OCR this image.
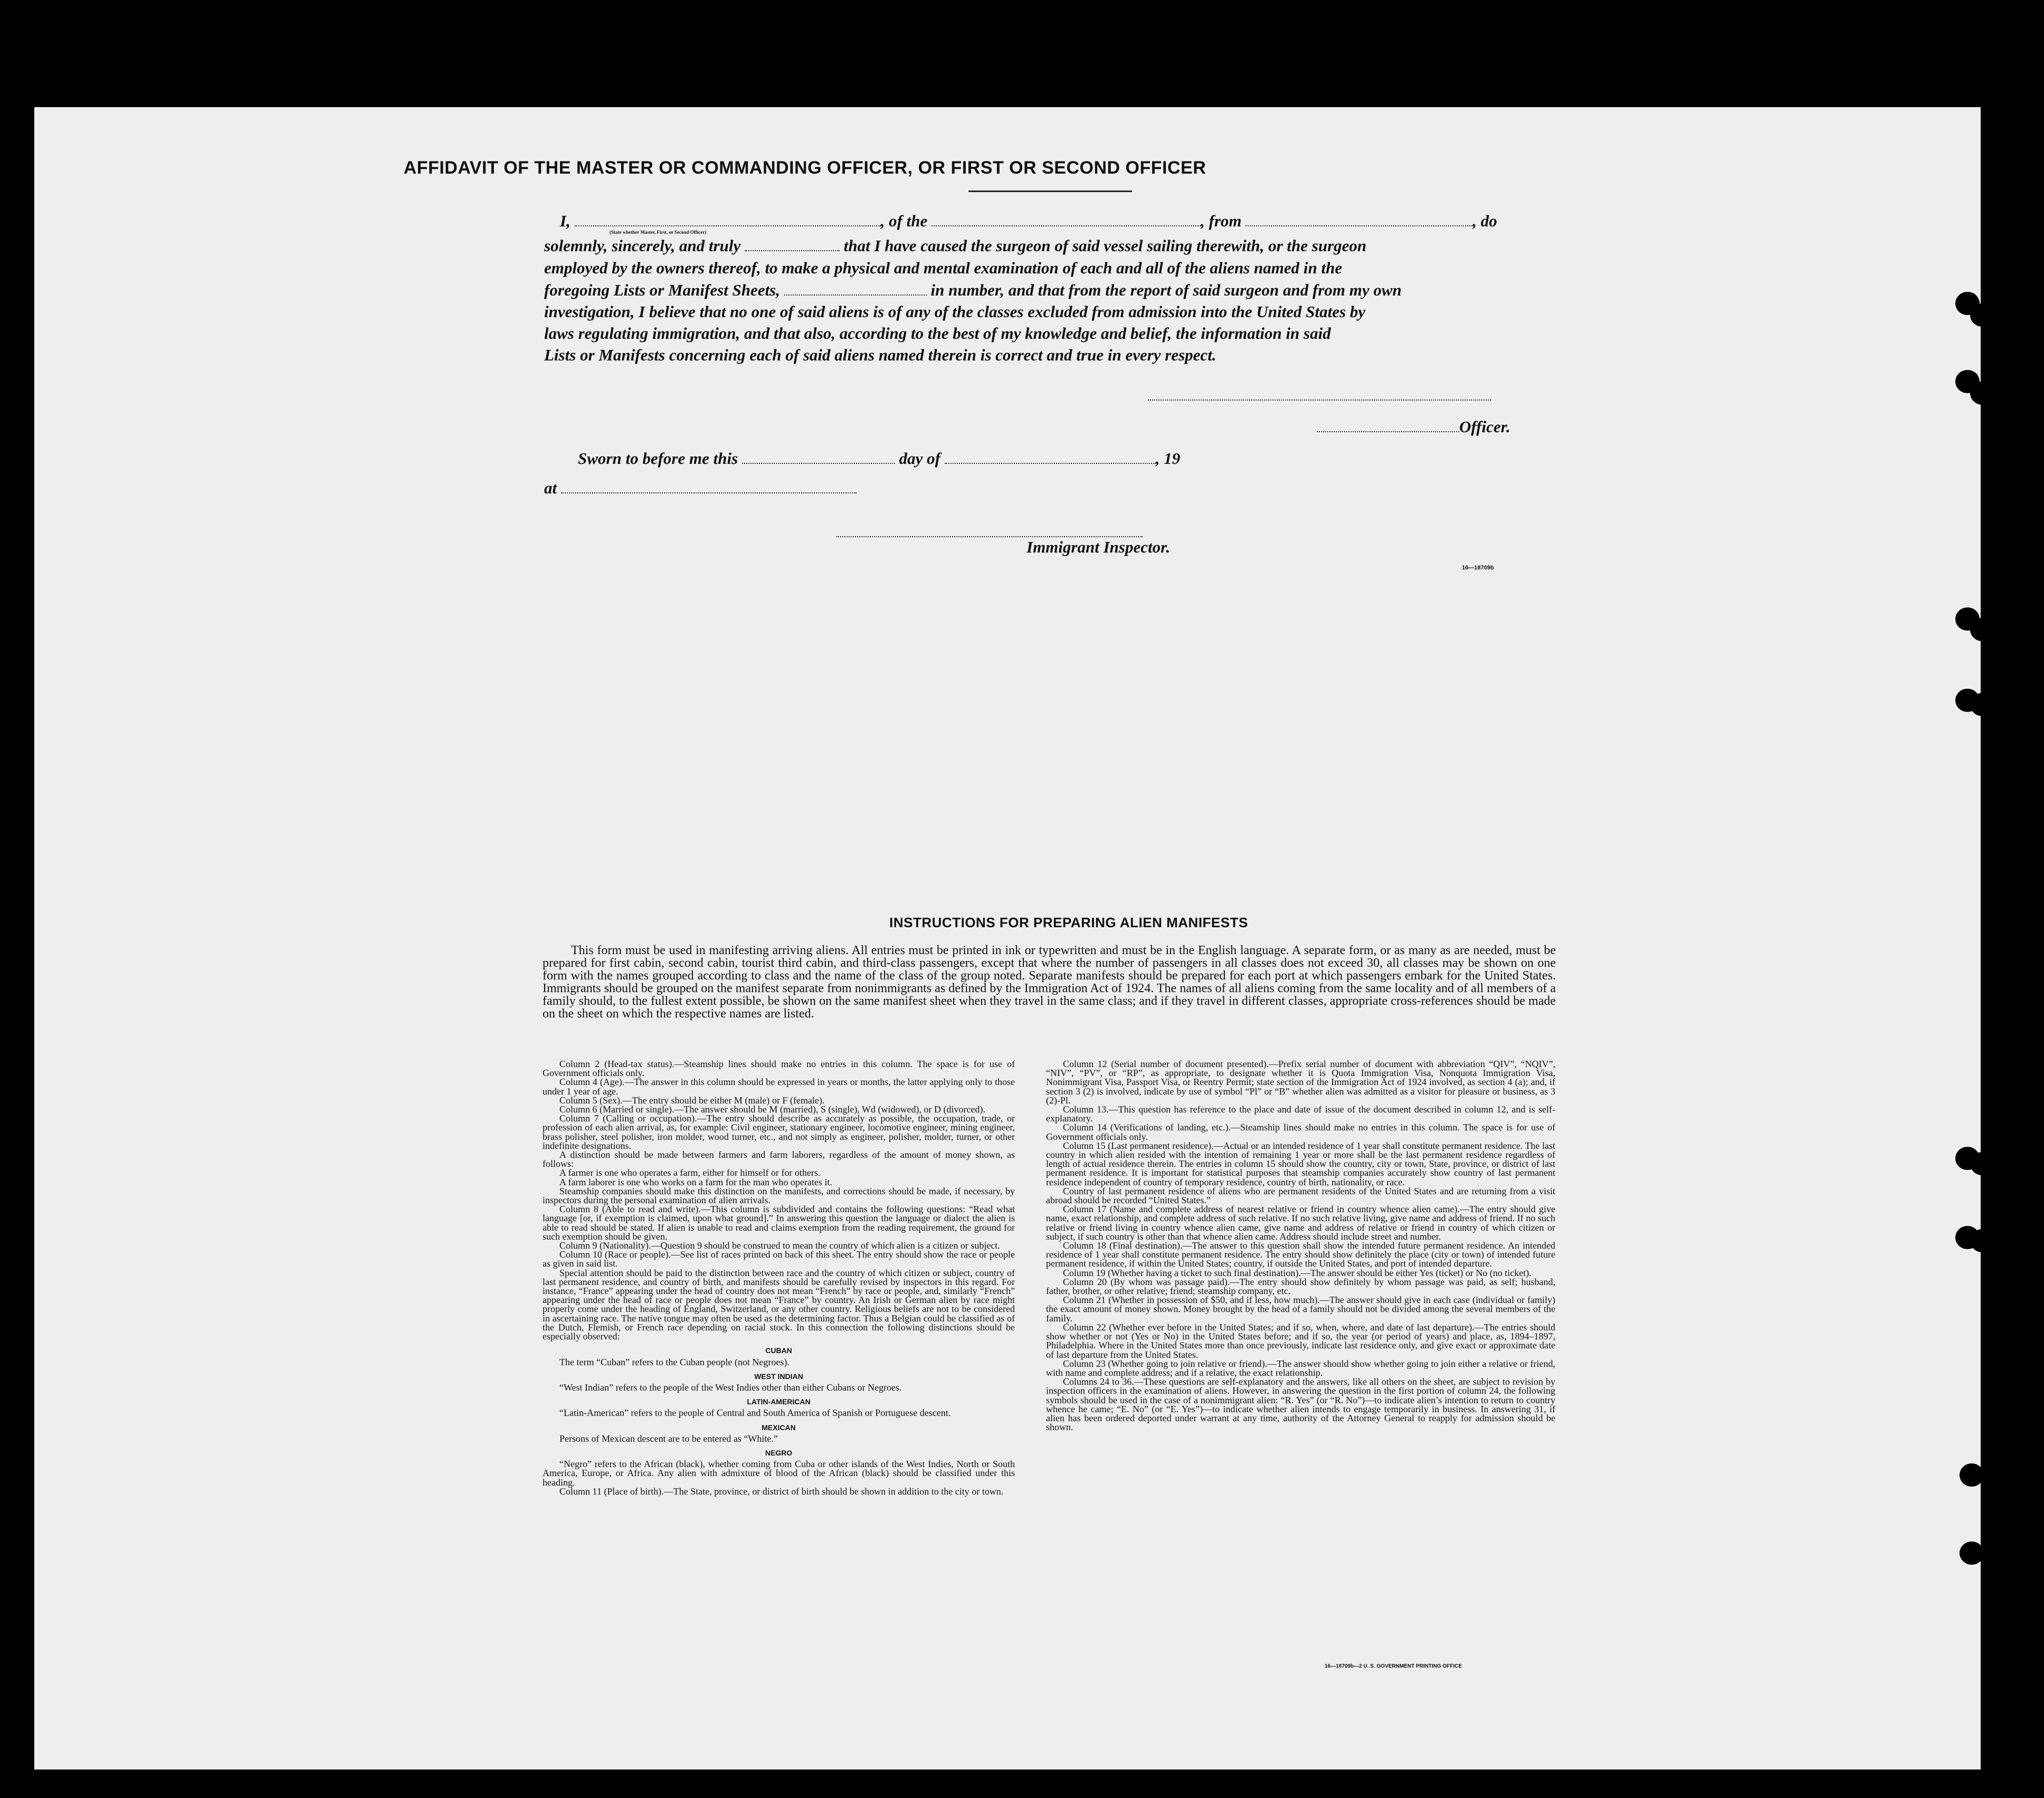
AFFIDAVIT OF THE MASTER OR COMMANDING OFFICER, OR FIRST OR SECOND OFFICER
I,	, of the	, from	, do
(State whether Master, First, or Second Officer)
solemnly, sincerely, and truly	that I have caused the surgeon of said vessel sailing therewith, or the surgeon
employed by the owners thereof, to make a physical and mental examination of each and all of the aliens named in the
foregoing Lists or Manifest Sheets,	in number, and that from the report of said surgeon and from my own
investigation, I believe that no one of said aliens is of any of the classes excluded from admission into the United States by
laws regulating immigration, and that also, according to the best of my knowledge and belief, the information in said
Lists or Manifests concerning each of said aliens named therein is correct and true in every respect.
Officer.
Sworn to before me this	day of	, 19
at
Immigrant Inspector.
16—18709b
INSTRUCTIONS FOR PREPARING ALIEN MANIFESTS
This form must be used in manifesting arriving aliens. All entries must be printed in ink or typewritten and must be in the English language. A separate form, or as many as are needed, must be prepared for first cabin, second cabin, tourist third cabin, and third-class passengers, except that where the number of passengers in all classes does not exceed 30, all classes may be shown on one form with the names grouped according to class and the name of the class of the group noted. Separate manifests should be prepared for each port at which passengers embark for the United States. Immigrants should be grouped on the manifest separate from nonimmigrants as defined by the Immigration Act of 1924. The names of all aliens coming from the same locality and of all members of a family should, to the fullest extent possible, be shown on the same manifest sheet when they travel in the same class; and if they travel in different classes, appropriate cross-references should be made on the sheet on which the respective names are listed.

Column 2 (Head-tax status).—Steamship lines should make no entries in this column. The space is for use of Government officials only.

Column 4 (Age).—The answer in this column should be expressed in years or months, the latter applying only to those under 1 year of age.

Column 5 (Sex).—The entry should be either M (male) or F (female).

Column 6 (Married or single).—The answer should be M (married), S (single), Wd (widowed), or D (divorced).

Column 7 (Calling or occupation).—The entry should describe as accurately as possible, the occupation, trade, or profession of each alien arrival, as, for example: Civil engineer, stationary engineer, locomotive engineer, mining engineer, brass polisher, steel polisher, iron molder, wood turner, etc., and not simply as engineer, polisher, molder, turner, or other indefinite designations.

A distinction should be made between farmers and farm laborers, regardless of the amount of money shown, as follows:

A farmer is one who operates a farm, either for himself or for others.

A farm laborer is one who works on a farm for the man who operates it.

Steamship companies should make this distinction on the manifests, and corrections should be made, if necessary, by inspectors during the personal examination of alien arrivals.

Column 8 (Able to read and write).—This column is subdivided and contains the following questions: “Read what language [or, if exemption is claimed, upon what ground].” In answering this question the language or dialect the alien is able to read should be stated. If alien is unable to read and claims exemption from the reading requirement, the ground for such exemption should be given.

Column 9 (Nationality).—Question 9 should be construed to mean the country of which alien is a citizen or subject.

Column 10 (Race or people).—See list of races printed on back of this sheet. The entry should show the race or people as given in said list.

Special attention should be paid to the distinction between race and the country of which citizen or subject, country of last permanent residence, and country of birth, and manifests should be carefully revised by inspectors in this regard. For instance, “France” appearing under the head of country does not mean “French” by race or people, and, similarly “French” appearing under the head of race or people does not mean “France” by country. An Irish or German alien by race might properly come under the heading of England, Switzerland, or any other country. Religious beliefs are not to be considered in ascertaining race. The native tongue may often be used as the determining factor. Thus a Belgian could be classified as of the Dutch, Flemish, or French race depending on racial stock. In this connection the following distinctions should be especially observed:

CUBAN

The term “Cuban” refers to the Cuban people (not Negroes).

WEST INDIAN

“West Indian” refers to the people of the West Indies other than either Cubans or Negroes.

LATIN-AMERICAN

“Latin-American” refers to the people of Central and South America of Spanish or Portuguese descent.

MEXICAN

Persons of Mexican descent are to be entered as “White.”

NEGRO

“Negro” refers to the African (black), whether coming from Cuba or other islands of the West Indies, North or South America, Europe, or Africa. Any alien with admixture of blood of the African (black) should be classified under this heading.

Column 11 (Place of birth).—The State, province, or district of birth should be shown in addition to the city or town.

Column 12 (Serial number of document presented).—Prefix serial number of document with abbreviation “QIV”, “NQIV”, “NIV”, “PV”, or “RP”, as appropriate, to designate whether it is Quota Immigration Visa, Nonquota Immigration Visa, Nonimmigrant Visa, Passport Visa, or Reentry Permit; state section of the Immigration Act of 1924 involved, as section 4 (a); and, if section 3 (2) is involved, indicate by use of symbol “Pl” or “B” whether alien was admitted as a visitor for pleasure or business, as 3 (2)-Pl.

Column 13.—This question has reference to the place and date of issue of the document described in column 12, and is self-explanatory.

Column 14 (Verifications of landing, etc.).—Steamship lines should make no entries in this column. The space is for use of Government officials only.

Column 15 (Last permanent residence).—Actual or an intended residence of 1 year shall constitute permanent residence. The last country in which alien resided with the intention of remaining 1 year or more shall be the last permanent residence regardless of length of actual residence therein. The entries in column 15 should show the country, city or town, State, province, or district of last permanent residence. It is important for statistical purposes that steamship companies accurately show country of last permanent residence independent of country of temporary residence, country of birth, nationality, or race.

Country of last permanent residence of aliens who are permanent residents of the United States and are returning from a visit abroad should be recorded “United States.”

Column 17 (Name and complete address of nearest relative or friend in country whence alien came).—The entry should give name, exact relationship, and complete address of such relative. If no such relative living, give name and address of friend. If no such relative or friend living in country whence alien came, give name and address of relative or friend in country of which citizen or subject, if such country is other than that whence alien came. Address should include street and number.

Column 18 (Final destination).—The answer to this question shall show the intended future permanent residence. An intended residence of 1 year shall constitute permanent residence. The entry should show definitely the place (city or town) of intended future permanent residence, if within the United States; country, if outside the United States, and port of intended departure.

Column 19 (Whether having a ticket to such final destination).—The answer should be either Yes (ticket) or No (no ticket).

Column 20 (By whom was passage paid).—The entry should show definitely by whom passage was paid, as self; husband, father, brother, or other relative; friend; steamship company, etc.

Column 21 (Whether in possession of $50, and if less, how much).—The answer should give in each case (individual or family) the exact amount of money shown. Money brought by the head of a family should not be divided among the several members of the family.

Column 22 (Whether ever before in the United States; and if so, when, where, and date of last departure).—The entries should show whether or not (Yes or No) in the United States before; and if so, the year (or period of years) and place, as, 1894–1897, Philadelphia. Where in the United States more than once previously, indicate last residence only, and give exact or approximate date of last departure from the United States.

Column 23 (Whether going to join relative or friend).—The answer should show whether going to join either a relative or friend, with name and complete address; and if a relative, the exact relationship.

Columns 24 to 36.—These questions are self-explanatory and the answers, like all others on the sheet, are subject to revision by inspection officers in the examination of aliens. However, in answering the question in the first portion of column 24, the following symbols should be used in the case of a nonimmigrant alien: “R. Yes” (or “R. No”)—to indicate alien’s intention to return to country whence he came; “E. No” (or “E. Yes”)—to indicate whether alien intends to engage temporarily in business. In answering 31, if alien has been ordered deported under warrant at any time, authority of the Attorney General to reapply for admission should be shown.

16—18709b—2 U. S. GOVERNMENT PRINTING OFFICE
